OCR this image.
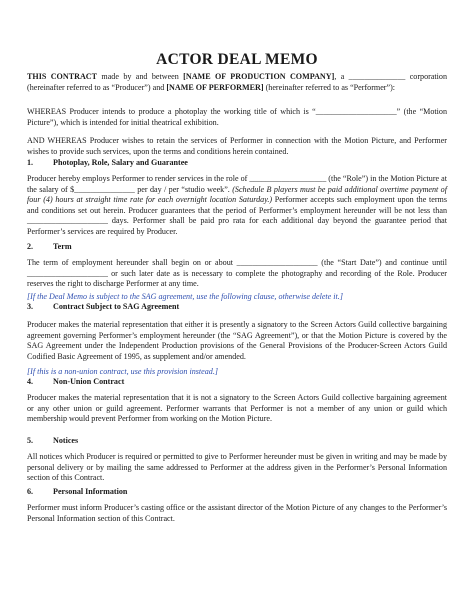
ACTOR DEAL MEMO
THIS CONTRACT made by and between [NAME OF PRODUCTION COMPANY], a ______________ corporation (hereinafter referred to as “Producer”) and [NAME OF PERFORMER] (hereinafter referred to as “Performer”):
WHEREAS Producer intends to produce a photoplay the working title of which is “____________________” (the “Motion Picture”), which is intended for initial theatrical exhibition.
AND WHEREAS Producer wishes to retain the services of Performer in connection with the Motion Picture, and Performer wishes to provide such services, upon the terms and conditions herein contained.
1. Photoplay, Role, Salary and Guarantee
Producer hereby employs Performer to render services in the role of ___________________ (the “Role”) in the Motion Picture at the salary of $_______________ per day / per “studio week”. (Schedule B players must be paid additional overtime payment of four (4) hours at straight time rate for each overnight location Saturday.) Performer accepts such employment upon the terms and conditions set out herein. Producer guarantees that the period of Performer’s employment hereunder will be not less than ____________________ days. Performer shall be paid pro rata for each additional day beyond the guarantee period that Performer’s services are required by Producer.
2. Term
The term of employment hereunder shall begin on or about ____________________ (the “Start Date”) and continue until ____________________ or such later date as is necessary to complete the photography and recording of the Role. Producer reserves the right to discharge Performer at any time.
[If the Deal Memo is subject to the SAG agreement, use the following clause, otherwise delete it.]
3. Contract Subject to SAG Agreement
Producer makes the material representation that either it is presently a signatory to the Screen Actors Guild collective bargaining agreement governing Performer’s employment hereunder (the “SAG Agreement”), or that the Motion Picture is covered by the SAG Agreement under the Independent Production provisions of the General Provisions of the Producer-Screen Actors Guild Codified Basic Agreement of 1995, as supplement and/or amended.
[If this is a non-union contract, use this provision instead.]
4. Non-Union Contract
Producer makes the material representation that it is not a signatory to the Screen Actors Guild collective bargaining agreement or any other union or guild agreement. Performer warrants that Performer is not a member of any union or guild which membership would prevent Performer from working on the Motion Picture.
5. Notices
All notices which Producer is required or permitted to give to Performer hereunder must be given in writing and may be made by personal delivery or by mailing the same addressed to Performer at the address given in the Performer’s Personal Information section of this Contract.
6. Personal Information
Performer must inform Producer’s casting office or the assistant director of the Motion Picture of any changes to the Performer’s Personal Information section of this Contract.
